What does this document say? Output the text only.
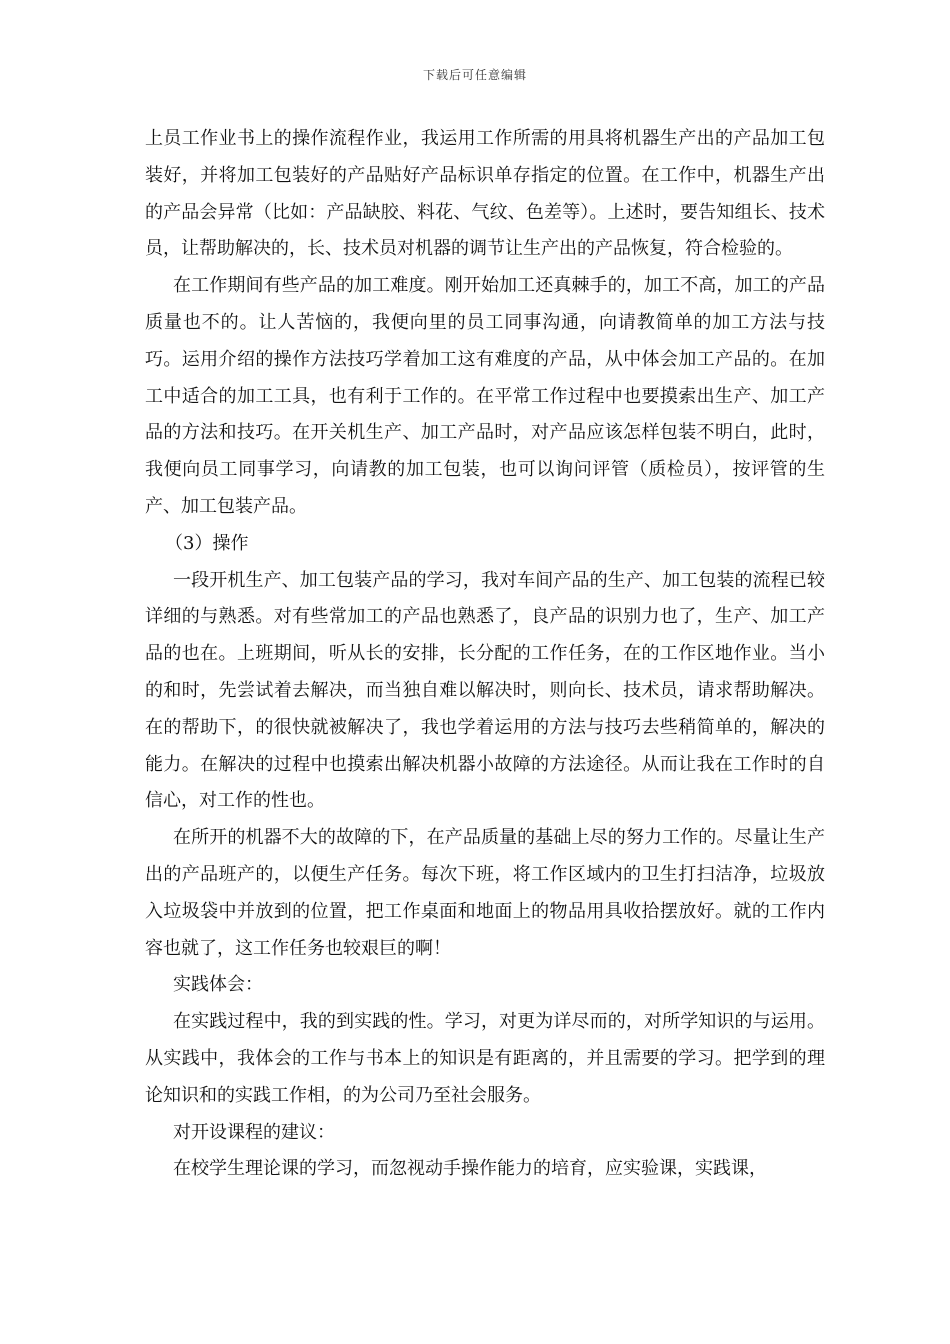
下载后可任意编辑

上员工作业书上的操作流程作业，我运用工作所需的用具将机器生产出的产品加工包装好，并将加工包装好的产品贴好产品标识单存指定的位置。在工作中，机器生产出的产品会异常（比如：产品缺胶、料花、气纹、色差等）。上述时，要告知组长、技术员，让帮助解决的，长、技术员对机器的调节让生产出的产品恢复，符合检验的。

在工作期间有些产品的加工难度。刚开始加工还真棘手的，加工不高，加工的产品质量也不的。让人苦恼的，我便向里的员工同事沟通，向请教简单的加工方法与技巧。运用介绍的操作方法技巧学着加工这有难度的产品，从中体会加工产品的。在加工中适合的加工工具，也有利于工作的。在平常工作过程中也要摸索出生产、加工产品的方法和技巧。在开关机生产、加工产品时，对产品应该怎样包装不明白，此时，我便向员工同事学习，向请教的加工包装，也可以询问评管（质检员），按评管的生产、加工包装产品。

（3）操作

一段开机生产、加工包装产品的学习，我对车间产品的生产、加工包装的流程已较详细的与熟悉。对有些常加工的产品也熟悉了，良产品的识别力也了，生产、加工产品的也在。上班期间，听从长的安排，长分配的工作任务，在的工作区地作业。当小的和时，先尝试着去解决，而当独自难以解决时，则向长、技术员，请求帮助解决。在的帮助下，的很快就被解决了，我也学着运用的方法与技巧去些稍简单的，解决的能力。在解决的过程中也摸索出解决机器小故障的方法途径。从而让我在工作时的自信心，对工作的性也。

在所开的机器不大的故障的下，在产品质量的基础上尽的努力工作的。尽量让生产出的产品班产的，以便生产任务。每次下班，将工作区域内的卫生打扫洁净，垃圾放入垃圾袋中并放到的位置，把工作桌面和地面上的物品用具收拾摆放好。就的工作内容也就了，这工作任务也较艰巨的啊！

实践体会：

在实践过程中，我的到实践的性。学习，对更为详尽而的，对所学知识的与运用。从实践中，我体会的工作与书本上的知识是有距离的，并且需要的学习。把学到的理论知识和的实践工作相，的为公司乃至社会服务。

对开设课程的建议：

在校学生理论课的学习，而忽视动手操作能力的培育，应实验课，实践课，
